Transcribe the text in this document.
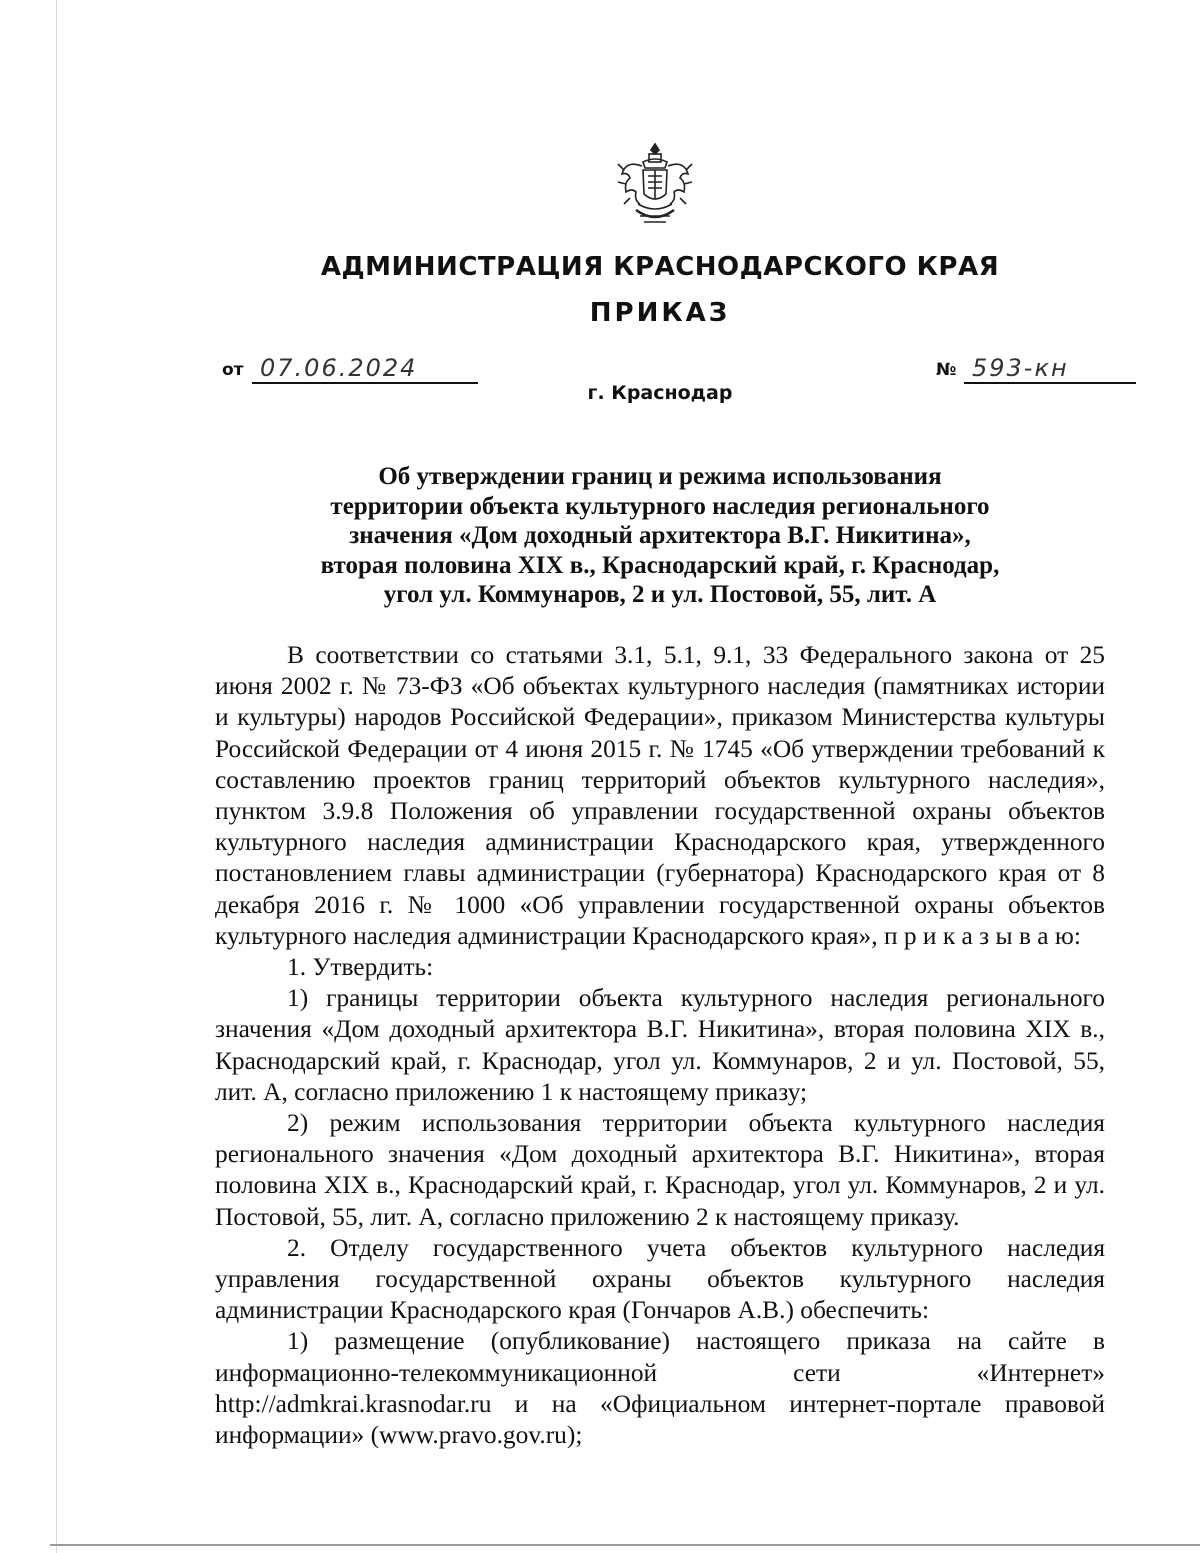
АДМИНИСТРАЦИЯ КРАСНОДАРСКОГО КРАЯ
ПРИКАЗ
от 07.06.2024	№ 593-кн
г. Краснодар
Об утверждении границ и режима использования
территории объекта культурного наследия регионального
значения «Дом доходный архитектора В.Г. Никитина»,
вторая половина XIX в., Краснодарский край, г. Краснодар,
угол ул. Коммунаров, 2 и ул. Постовой, 55, лит. А

В соответствии со статьями 3.1, 5.1, 9.1, 33 Федерального закона от 25 июня 2002 г. № 73-ФЗ «Об объектах культурного наследия (памятниках истории и культуры) народов Российской Федерации», приказом Министерства культуры Российской Федерации от 4 июня 2015 г. № 1745 «Об утверждении требований к составлению проектов границ территорий объектов культурного наследия», пунктом 3.9.8 Положения об управлении государственной охраны объектов культурного наследия администрации Краснодарского края, утвержденного постановлением главы администрации (губернатора) Краснодарского края от 8 декабря 2016 г. № 1000 «Об управлении государственной охраны объектов культурного наследия администрации Краснодарского края», п р и к а з ы в а ю:

1. Утвердить:

1) границы территории объекта культурного наследия регионального значения «Дом доходный архитектора В.Г. Никитина», вторая половина XIX в., Краснодарский край, г. Краснодар, угол ул. Коммунаров, 2 и ул. Постовой, 55, лит. А, согласно приложению 1 к настоящему приказу;

2) режим использования территории объекта культурного наследия регионального значения «Дом доходный архитектора В.Г. Никитина», вторая половина XIX в., Краснодарский край, г. Краснодар, угол ул. Коммунаров, 2 и ул. Постовой, 55, лит. А, согласно приложению 2 к настоящему приказу.

2. Отделу государственного учета объектов культурного наследия управления государственной охраны объектов культурного наследия администрации Краснодарского края (Гончаров А.В.) обеспечить:

1) размещение (опубликование) настоящего приказа на сайте в информационно-телекоммуникационной сети «Интернет» http://admkrai.krasnodar.ru и на «Официальном интернет-портале правовой информации» (www.pravo.gov.ru);
